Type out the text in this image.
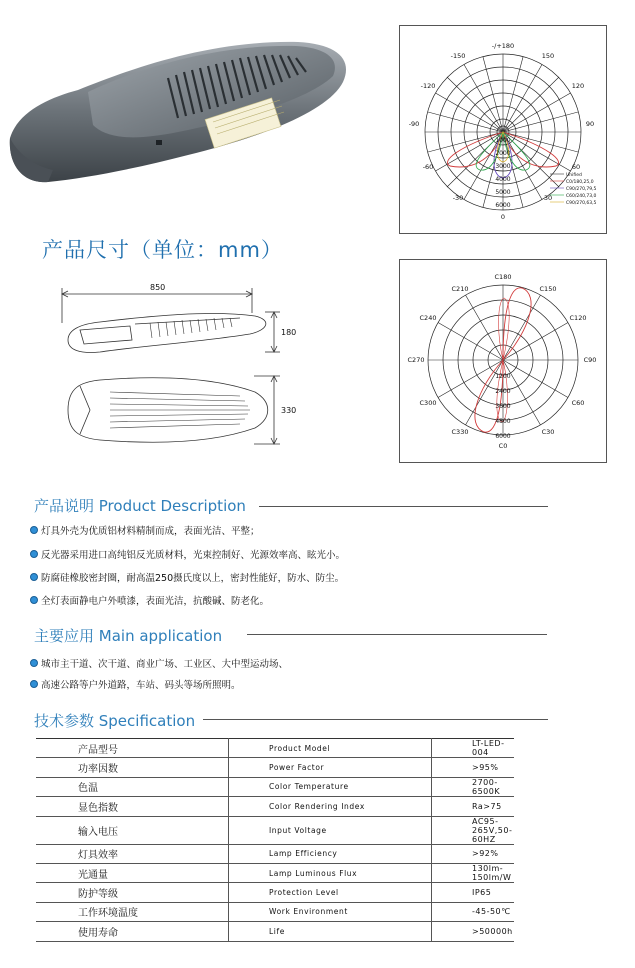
-/+180
-150	150
-120	120
-90	90
-60	60
-30	30
0
1000
2000
3000
4000
5000
6000
Unified
C0/180,25,0
C90/270,79,5
C60/240,73,0
C90/270,63,5
C180
C210	C150
C240	C120
C270	C90
C300	C60
C330	C30
C0
1200
2400
3600
4800
6000
产品尺寸（单位：mm）
850
180
330
产品说明 Product Description
灯具外壳为优质铝材料精制而成，表面光洁、平整；
反光器采用进口高纯铝反光质材料，光束控制好、光源效率高、眩光小。
防腐硅橡胶密封圈，耐高温250摄氏度以上，密封性能好，防水、防尘。
全灯表面静电户外喷漆，表面光洁，抗酸碱、防老化。
主要应用 Main application
城市主干道、次干道、商业广场、工业区、大中型运动场、
高速公路等户外道路，车站、码头等场所照明。
技术参数 Specification
产品型号	Product Model	LT-LED-004
功率因数	Power Factor	>95%
色温	Color Temperature	2700-6500K
显色指数	Color Rendering Index	Ra>75
输入电压	Input Voltage	AC95-265V,50-60HZ
灯具效率	Lamp Efficiency	>92%
光通量	Lamp Luminous Flux	130lm-150lm/W
防护等级	Protection Level	IP65
工作环境温度	Work Environment	-45-50℃
使用寿命	Life	>50000h
